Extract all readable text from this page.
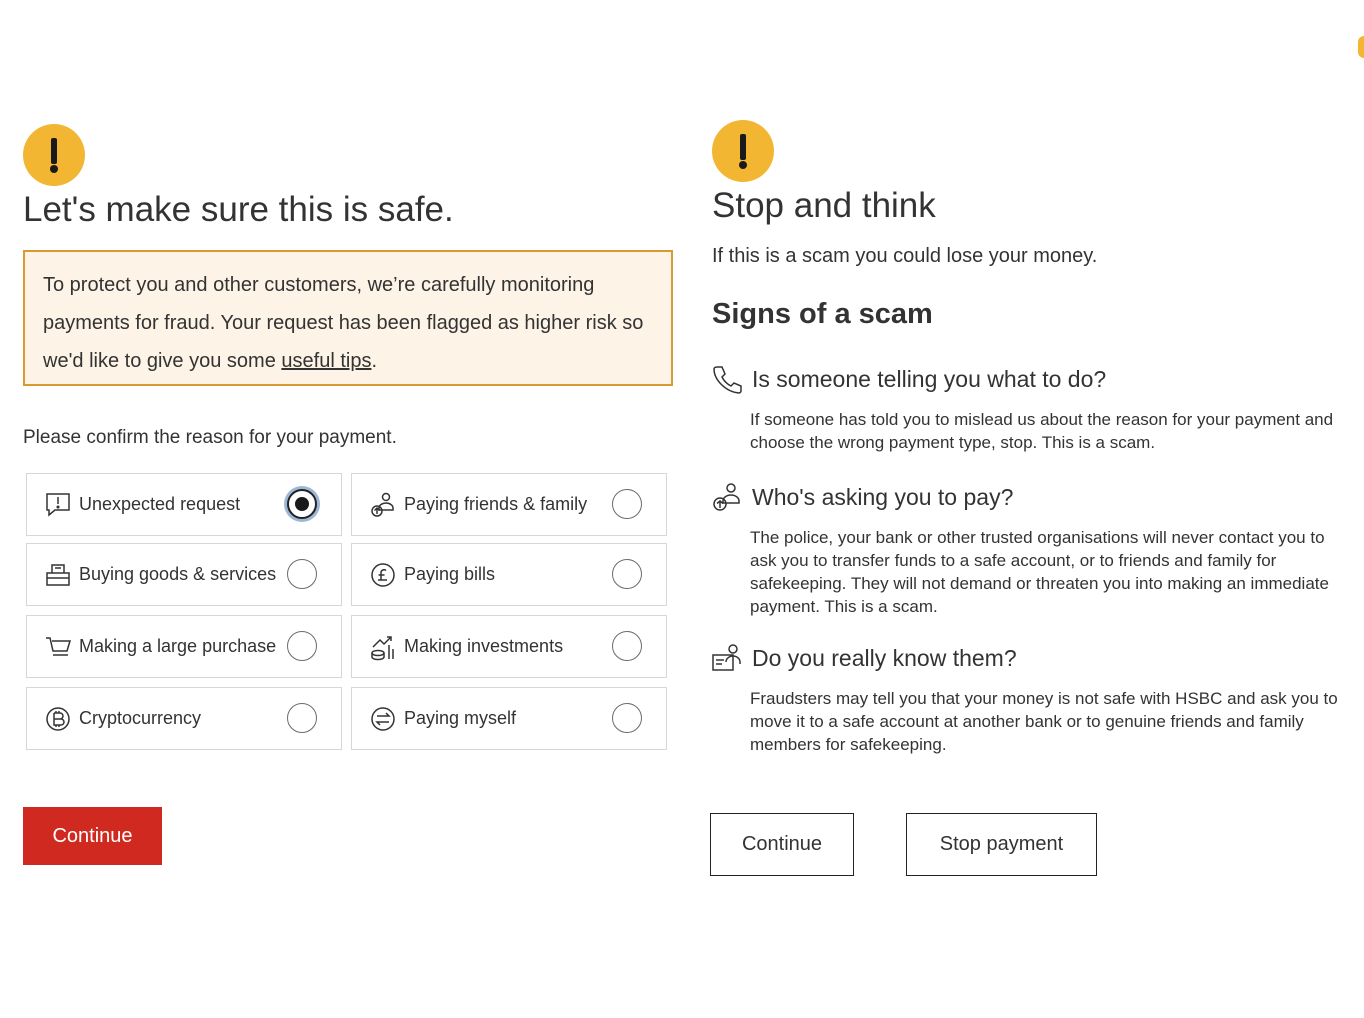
Let's make sure this is safe.
To protect you and other customers, we’re carefully monitoring payments for fraud. Your request has been flagged as higher risk so we'd like to give you some useful tips.
Please confirm the reason for your payment.
Unexpected request	Paying friends & family
Buying goods & services	Paying bills
Making a large purchase	Making investments
Cryptocurrency	Paying myself
Continue
Stop and think
If this is a scam you could lose your money.
Signs of a scam
Is someone telling you what to do?

If someone has told you to mislead us about the reason for your payment and choose the wrong payment type, stop. This is a scam.

Who's asking you to pay?

The police, your bank or other trusted organisations will never contact you to ask you to transfer funds to a safe account, or to friends and family for safekeeping. They will not demand or threaten you into making an immediate payment. This is a scam.

Do you really know them?

Fraudsters may tell you that your money is not safe with HSBC and ask you to move it to a safe account at another bank or to genuine friends and family members for safekeeping.

Continue	Stop payment
